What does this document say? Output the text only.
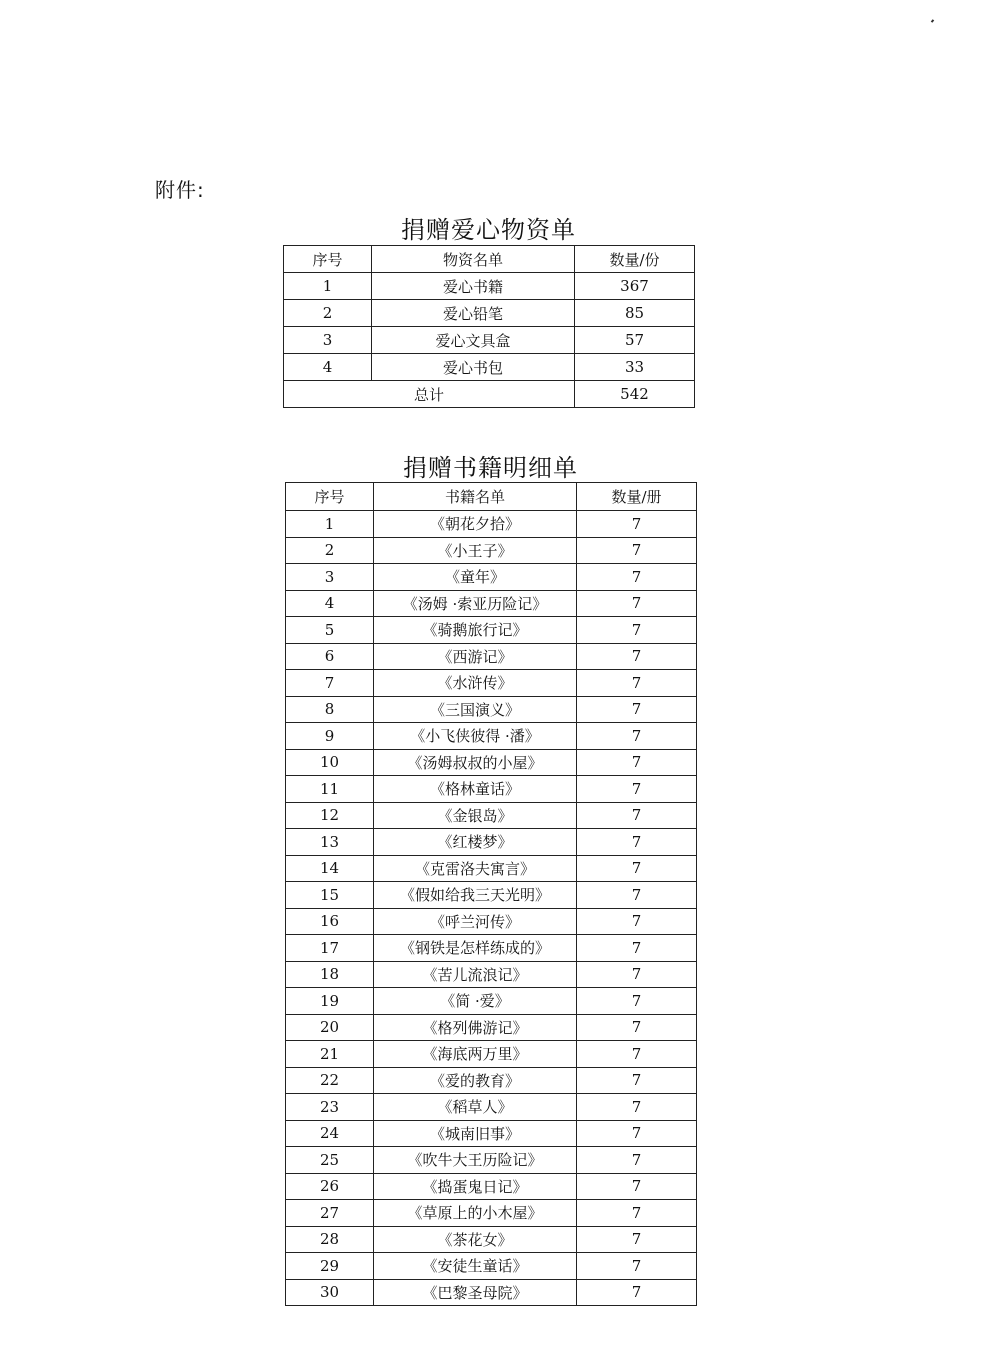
附件:
捐赠爱心物资单
序号	物资名单	数量/份
1	爱心书籍	367
2	爱心铅笔	85
3	爱心文具盒	57
4	爱心书包	33
总计		542
捐赠书籍明细单
序号	书籍名单	数量/册
1	《朝花夕拾》	7
2	《小王子》	7
3	《童年》	7
4	《汤姆 ·索亚历险记》	7
5	《骑鹅旅行记》	7
6	《西游记》	7
7	《水浒传》	7
8	《三国演义》	7
9	《小飞侠彼得 ·潘》	7
10	《汤姆叔叔的小屋》	7
11	《格林童话》	7
12	《金银岛》	7
13	《红楼梦》	7
14	《克雷洛夫寓言》	7
15	《假如给我三天光明》	7
16	《呼兰河传》	7
17	《钢铁是怎样练成的》	7
18	《苦儿流浪记》	7
19	《简 ·爱》	7
20	《格列佛游记》	7
21	《海底两万里》	7
22	《爱的教育》	7
23	《稻草人》	7
24	《城南旧事》	7
25	《吹牛大王历险记》	7
26	《捣蛋鬼日记》	7
27	《草原上的小木屋》	7
28	《茶花女》	7
29	《安徒生童话》	7
30	《巴黎圣母院》	7
